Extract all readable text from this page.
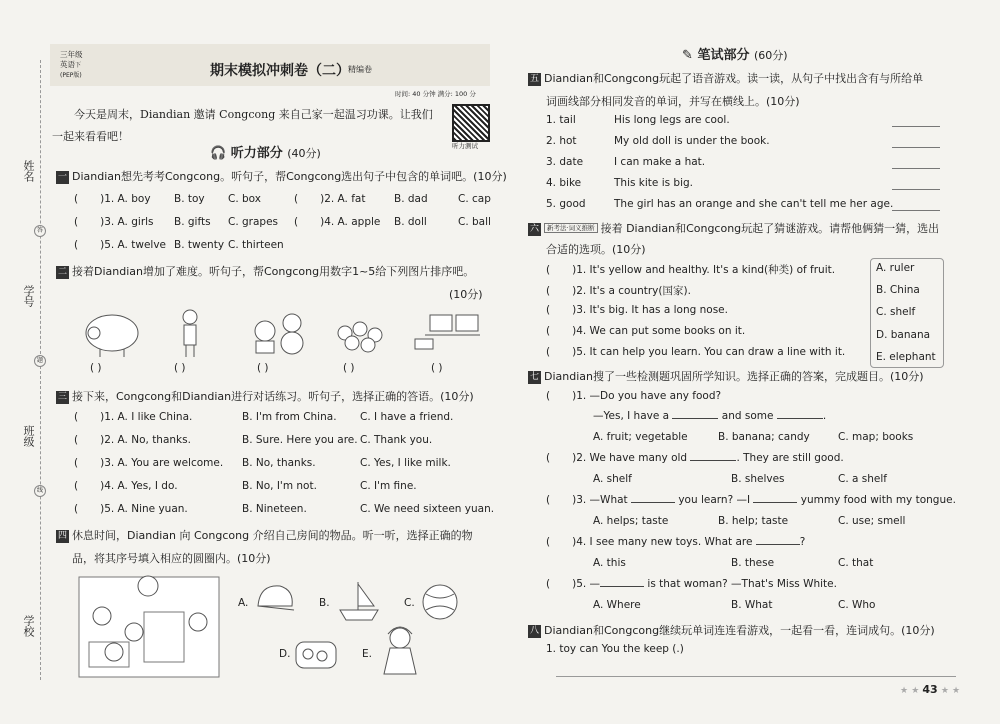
姓名
答
学号
题
班级
线
学校
三年级
英语下
(PEP版)	期末模拟冲刺卷（二）
精编卷
时间: 40 分钟 满分: 100 分
听力测试
今天是周末，Diandian 邀请 Congcong 来自己家一起温习功课。让我们一起来看看吧！
🎧 听力部分 (40分)
一 Diandian想先考考Congcong。听句子，帮Congcong选出句子中包含的单词吧。(10分)
( )1. A. boy B. toy C. box	( )2. A. fat	B. dad	C. cap
( )3. A. girls B. gifts C. grapes ( )4. A. apple B. doll	C. ball
( )5. A. twelve B. twenty C. thirteen
二 接着Diandian增加了难度。听句子，帮Congcong用数字1~5给下列图片排序吧。
(10分)
( )	( )	( )	( )	( )
三 接下来，Congcong和Diandian进行对话练习。听句子，选择正确的答语。(10分)
( )1. A. I like China.	B. I'm from China. C. I have a friend.
( )2. A. No, thanks.	B. Sure. Here you are. C. Thank you.
( )3. A. You are welcome. B. No, thanks.	C. Yes, I like milk.
( )4. A. Yes, I do.	B. No, I'm not.	C. I'm fine.
( )5. A. Nine yuan.	B. Nineteen.	C. We need sixteen yuan.
四 休息时间，Diandian 向 Congcong 介绍自己房间的物品。听一听，选择正确的物
品，将其序号填入相应的圆圈内。(10分)
A.	B.	C.
D.	E.
✎ 笔试部分 (60分)
五 Diandian和Congcong玩起了语音游戏。读一读，从句子中找出含有与所给单
词画线部分相同发音的单词，并写在横线上。(10分)
1. tail	His long legs are cool.
2. hot	My old doll is under the book.
3. date	I can make a hat.
4. bike	This kite is big.
5. good	The girl has an orange and she can't tell me her age.
六 新考法·词义推断 接着 Diandian和Congcong玩起了猜谜游戏。请帮他俩猜一猜，选出
合适的选项。(10分)
( )1. It's yellow and healthy. It's a kind(种类) of fruit.
( )2. It's a country(国家).
( )3. It's big. It has a long nose.
( )4. We can put some books on it.
( )5. It can help you learn. You can draw a line with it.
A. ruler
B. China
C. shelf
D. banana
E. elephant
七 Diandian搜了一些检测题巩固所学知识。选择正确的答案，完成题目。(10分)
( )1. —Do you have any food?
—Yes, I have a	and some	.
A. fruit; vegetable	B. banana; candy	C. map; books
( )2. We have many old	. They are still good.
A. shelf	B. shelves	C. a shelf
( )3. —What	you learn? —I	yummy food with my tongue.
A. helps; taste	B. help; taste	C. use; smell
( )4. I see many new toys. What are	?
A. this	B. these	C. that
( )5. —	is that woman? —That's Miss White.
A. Where	B. What	C. Who
八 Diandian和Congcong继续玩单词连连看游戏，一起看一看，连词成句。(10分)
1. toy can You the keep (.)
★ ★ 43 ★ ★
